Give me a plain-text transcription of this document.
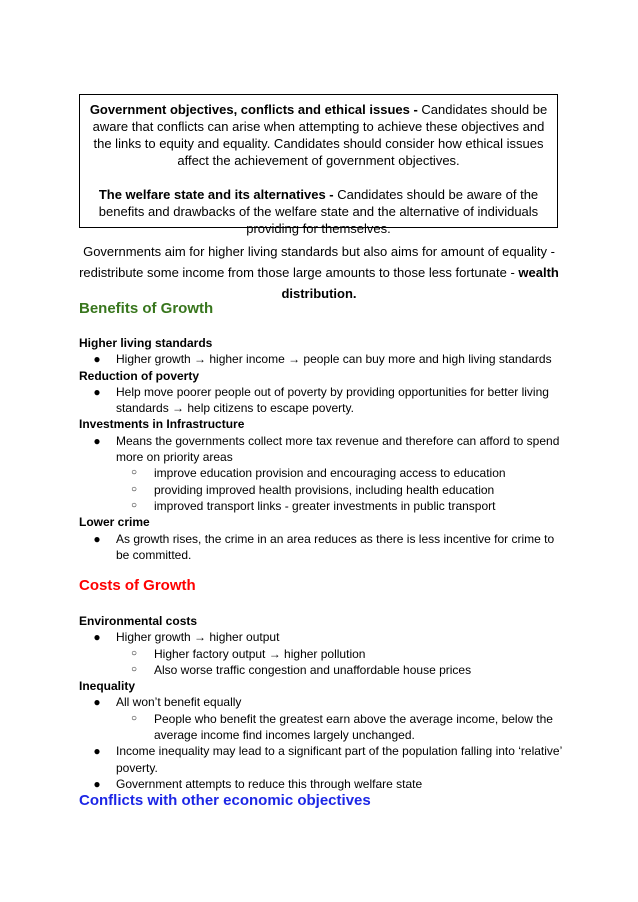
Government objectives, conflicts and ethical issues - Candidates should be aware that conflicts can arise when attempting to achieve these objectives and the links to equity and equality. Candidates should consider how ethical issues affect the achievement of government objectives.

The welfare state and its alternatives - Candidates should be aware of the benefits and drawbacks of the welfare state and the alternative of individuals providing for themselves.

Governments aim for higher living standards but also aims for amount of equality - redistribute some income from those large amounts to those less fortunate - wealth distribution.

Benefits of Growth

Higher living standards

● Higher growth → higher income → people can buy more and high living standards

Reduction of poverty

● Help move poorer people out of poverty by providing opportunities for better living standards → help citizens to escape poverty.

Investments in Infrastructure

● Means the governments collect more tax revenue and therefore can afford to spend more on priority areas
○	improve education provision and encouraging access to education
○	providing improved health provisions, including health education
○	improved transport links - greater investments in public transport

Lower crime

● As growth rises, the crime in an area reduces as there is less incentive for crime to be committed.
Costs of Growth

Environmental costs

● Higher growth → higher output
○	Higher factory output → higher pollution
○	Also worse traffic congestion and unaffordable house prices

Inequality

● All won’t benefit equally
○	People who benefit the greatest earn above the average income, below the average income find incomes largely unchanged.
● Income inequality may lead to a significant part of the population falling into ‘relative’ poverty.
● Government attempts to reduce this through welfare state
Conflicts with other economic objectives
